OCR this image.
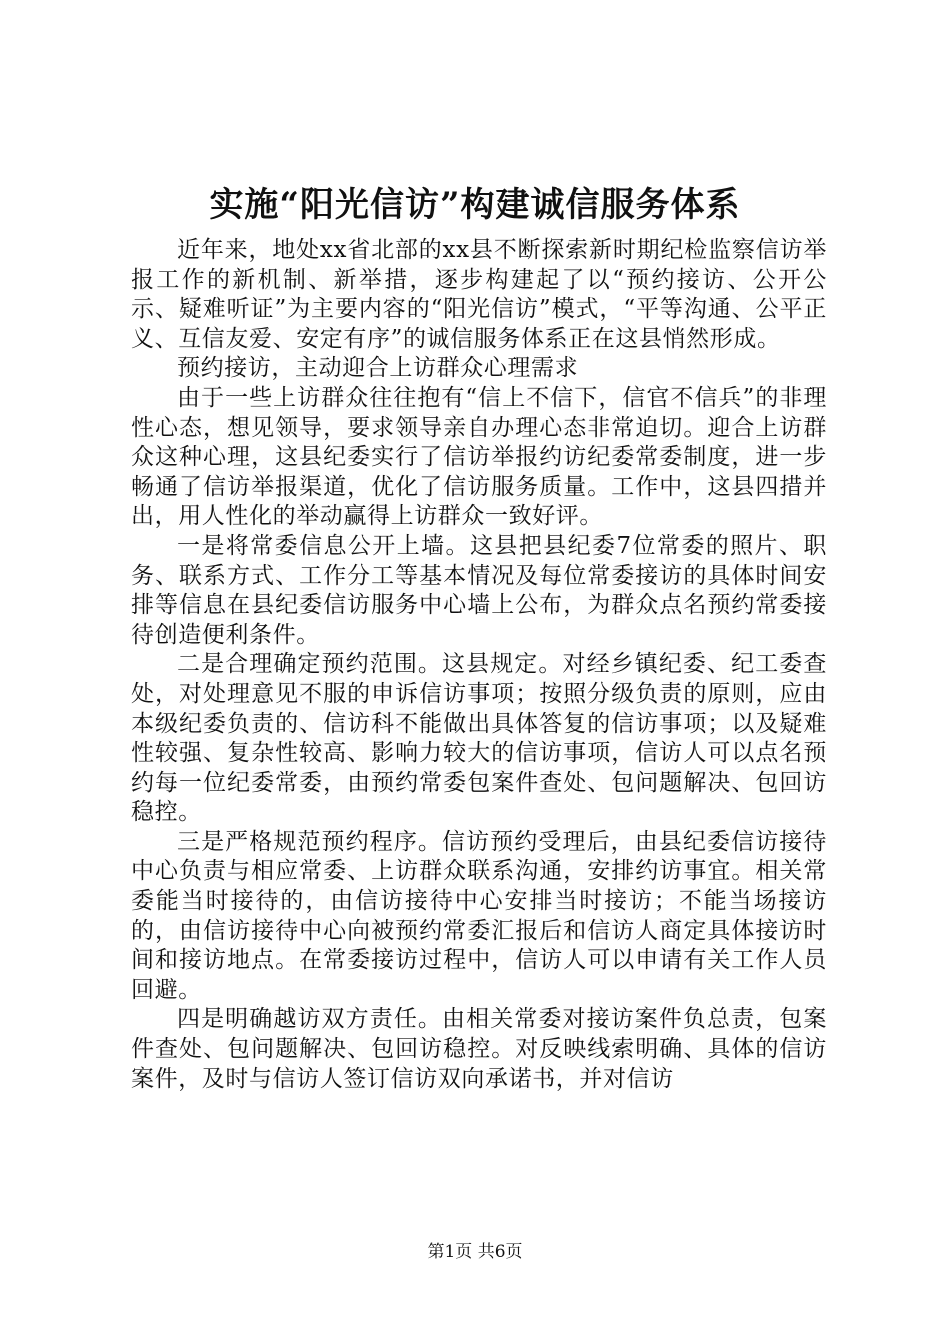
实施“阳光信访”构建诚信服务体系

近年来，地处xx省北部的xx县不断探索新时期纪检监察信访举报工作的新机制、新举措，逐步构建起了以“预约接访、公开公示、疑难听证”为主要内容的“阳光信访”模式，“平等沟通、公平正义、互信友爱、安定有序”的诚信服务体系正在这县悄然形成。

预约接访，主动迎合上访群众心理需求

由于一些上访群众往往抱有“信上不信下，信官不信兵”的非理性心态，想见领导，要求领导亲自办理心态非常迫切。迎合上访群众这种心理，这县纪委实行了信访举报约访纪委常委制度，进一步畅通了信访举报渠道，优化了信访服务质量。工作中，这县四措并出，用人性化的举动赢得上访群众一致好评。

一是将常委信息公开上墙。这县把县纪委7位常委的照片、职务、联系方式、工作分工等基本情况及每位常委接访的具体时间安排等信息在县纪委信访服务中心墙上公布，为群众点名预约常委接待创造便利条件。

二是合理确定预约范围。这县规定。对经乡镇纪委、纪工委查处，对处理意见不服的申诉信访事项；按照分级负责的原则，应由本级纪委负责的、信访科不能做出具体答复的信访事项；以及疑难性较强、复杂性较高、影响力较大的信访事项，信访人可以点名预约每一位纪委常委，由预约常委包案件查处、包问题解决、包回访稳控。

三是严格规范预约程序。信访预约受理后，由县纪委信访接待中心负责与相应常委、上访群众联系沟通，安排约访事宜。相关常委能当时接待的，由信访接待中心安排当时接访；不能当场接访的，由信访接待中心向被预约常委汇报后和信访人商定具体接访时间和接访地点。在常委接访过程中，信访人可以申请有关工作人员回避。

四是明确越访双方责任。由相关常委对接访案件负总责，包案件查处、包问题解决、包回访稳控。对反映线索明确、具体的信访案件，及时与信访人签订信访双向承诺书，并对信访

第1页 共6页
